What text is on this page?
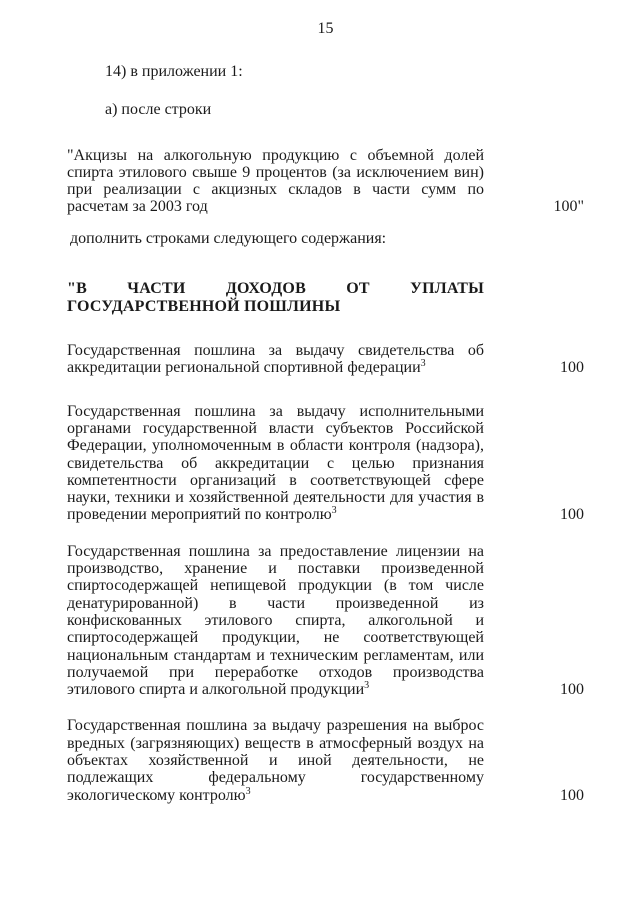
15

14) в приложении 1:

а) после строки

"Акцизы на алкогольную продукцию с объемной долей спирта этилового свыше 9 процентов (за исключением вин) при реализации с акцизных складов в части сумм по расчетам за 2003 год	100"

дополнить строками следующего содержания:

"В ЧАСТИ ДОХОДОВ ОТ УПЛАТЫ
ГОСУДАРСТВЕННОЙ ПОШЛИНЫ

Государственная пошлина за выдачу свидетельства об аккредитации региональной спортивной федерации$^3$	100

Государственная пошлина за выдачу исполнительными органами государственной власти субъектов Российской Федерации, уполномоченным в области контроля (надзора), свидетельства об аккредитации с целью признания компетентности организаций в соответствующей сфере науки, техники и хозяйственной деятельности для участия в проведении мероприятий по контролю$^3$	100

Государственная пошлина за предоставление лицензии на производство, хранение и поставки произведенной спиртосодержащей непищевой продукции (в том числе денатурированной) в части произведенной из конфискованных этилового спирта, алкогольной и спиртосодержащей продукции, не соответствующей национальным стандартам и техническим регламентам, или получаемой при переработке отходов производства этилового спирта и алкогольной продукции$^3$	100

Государственная пошлина за выдачу разрешения на выброс вредных (загрязняющих) веществ в атмосферный воздух на объектах хозяйственной и иной деятельности, не подлежащих федеральному государственному экологическому контролю$^3$	100
